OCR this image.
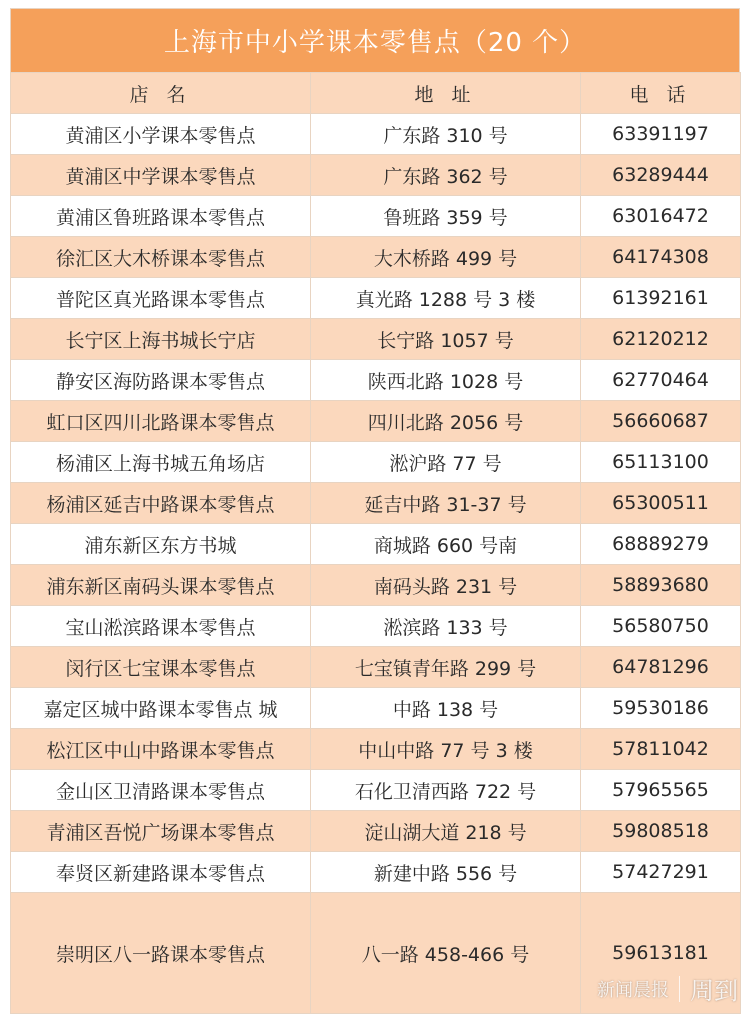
上海市中小学课本零售点（20 个）
店 名	地 址	电 话
黄浦区小学课本零售点	广东路 310 号	63391197
黄浦区中学课本零售点	广东路 362 号	63289444
黄浦区鲁班路课本零售点	鲁班路 359 号	63016472
徐汇区大木桥课本零售点	大木桥路 499 号	64174308
普陀区真光路课本零售点	真光路 1288 号 3 楼	61392161
长宁区上海书城长宁店	长宁路 1057 号	62120212
静安区海防路课本零售点	陕西北路 1028 号	62770464
虹口区四川北路课本零售点	四川北路 2056 号	56660687
杨浦区上海书城五角场店	淞沪路 77 号	65113100
杨浦区延吉中路课本零售点	延吉中路 31-37 号	65300511
浦东新区东方书城	商城路 660 号南	68889279
浦东新区南码头课本零售点	南码头路 231 号	58893680
宝山淞滨路课本零售点	淞滨路 133 号	56580750
闵行区七宝课本零售点	七宝镇青年路 299 号	64781296
嘉定区城中路课本零售点 城	中路 138 号	59530186
松江区中山中路课本零售点	中山中路 77 号 3 楼	57811042
金山区卫清路课本零售点	石化卫清西路 722 号	57965565
青浦区吾悦广场课本零售点	淀山湖大道 218 号	59808518
奉贤区新建路课本零售点	新建中路 556 号	57427291
崇明区八一路课本零售点	八一路 458-466 号	59613181
新闻晨报 周到
